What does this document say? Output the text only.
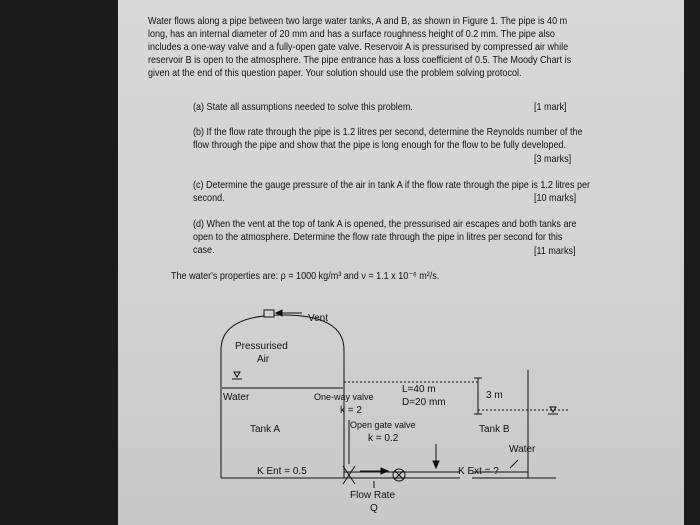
Water flows along a pipe between two large water tanks, A and B, as shown in Figure 1. The pipe is 40 m
long, has an internal diameter of 20 mm and has a surface roughness height of 0.2 mm. The pipe also
includes a one-way valve and a fully-open gate valve. Reservoir A is pressurised by compressed air while
reservoir B is open to the atmosphere. The pipe entrance has a loss coefficient of 0.5. The Moody Chart is
given at the end of this question paper. Your solution should use the problem solving protocol.
(a) State all assumptions needed to solve this problem.	[1 mark]
(b) If the flow rate through the pipe is 1.2 litres per second, determine the Reynolds number of the
flow through the pipe and show that the pipe is long enough for the flow to be fully developed.
[3 marks]
(c) Determine the gauge pressure of the air in tank A if the flow rate through the pipe is 1.2 litres per
second.	[10 marks]
(d) When the vent at the top of tank A is opened, the pressurised air escapes and both tanks are
open to the atmosphere. Determine the flow rate through the pipe in litres per second for this
case.	[11 marks]
The water's properties are: ρ = 1000 kg/m³ and ν = 1.1 x 10⁻⁶ m²/s.
Vent
Pressurised
Air
Water
Tank A
One-way valve
k = 2
L=40 m
D=20 mm
Open gate valve
k = 0.2
3 m
Tank B
Water
K Ent = 0.5	K Ext = ?
Flow Rate
Q
